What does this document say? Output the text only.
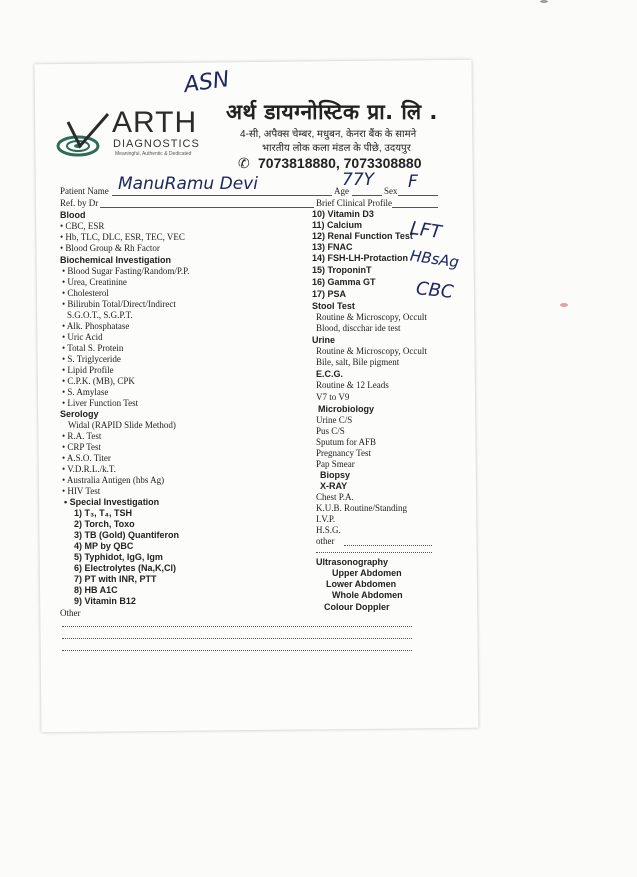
ASN
ARTH
DIAGNOSTICS
Meaningful, Authentic & Dedicated
अर्थ डायग्नोस्टिक प्रा. लि .
4-सी, अपैक्स चेम्बर, मधुबन, केनरा बैंक के सामने
भारतीय लोक कला मंडल के पीछे, उदयपुर
✆ 7073818880, 7073308880
Patient Name ManuRamu Devi	Age
77Y
Sex F
Ref. by Dr	Brief Clinical Profile
Blood
• CBC, ESR
• Hb, TLC, DLC, ESR, TEC, VEC
• Blood Group & Rh Factor
Biochemical Investigation
• Blood Sugar Fasting/Random/P.P.
• Urea, Creatinine
• Cholesterol
• Bilirubin Total/Direct/Indirect
S.G.O.T., S.G.P.T.
• Alk. Phosphatase
• Uric Acid
• Total S. Protein
• S. Triglyceride
• Lipid Profile
• C.P.K. (MB), CPK
• S. Amylase
• Liver Function Test
Serology
Widal (RAPID Slide Method)
• R.A. Test
• CRP Test
• A.S.O. Titer
• V.D.R.L./k.T.
• Australia Antigen (hbs Ag)
• HIV Test
• Special Investigation
1) T₃, T₄, TSH
2) Torch, Toxo
3) TB (Gold) Quantiferon
4) MP by QBC
5) Typhidot, IgG, Igm
6) Electrolytes (Na,K,Cl)
7) PT with INR, PTT
8) HB A1C
9) Vitamin B12
Other
10) Vitamin D3
11) Calcium
12) Renal Function Test
13) FNAC
14) FSH-LH-Protaction
15) TroponinT
16) Gamma GT
17) PSA
Stool Test
Routine & Microscopy, Occult
Blood, discchar ide test
Urine
Routine & Microscopy, Occult
Bile, salt, Bile pigment
E.C.G.
Routine & 12 Leads
V7 to V9
Microbiology
Urine C/S
Pus C/S
Sputum for AFB
Pregnancy Test
Pap Smear
Biopsy
X-RAY
Chest P.A.
K.U.B. Routine/Standing
I.V.P.
H.S.G.
other
Ultrasonography
Upper Abdomen
Lower Abdomen
Whole Abdomen
Colour Doppler
LFT
HBsAg
CBC
